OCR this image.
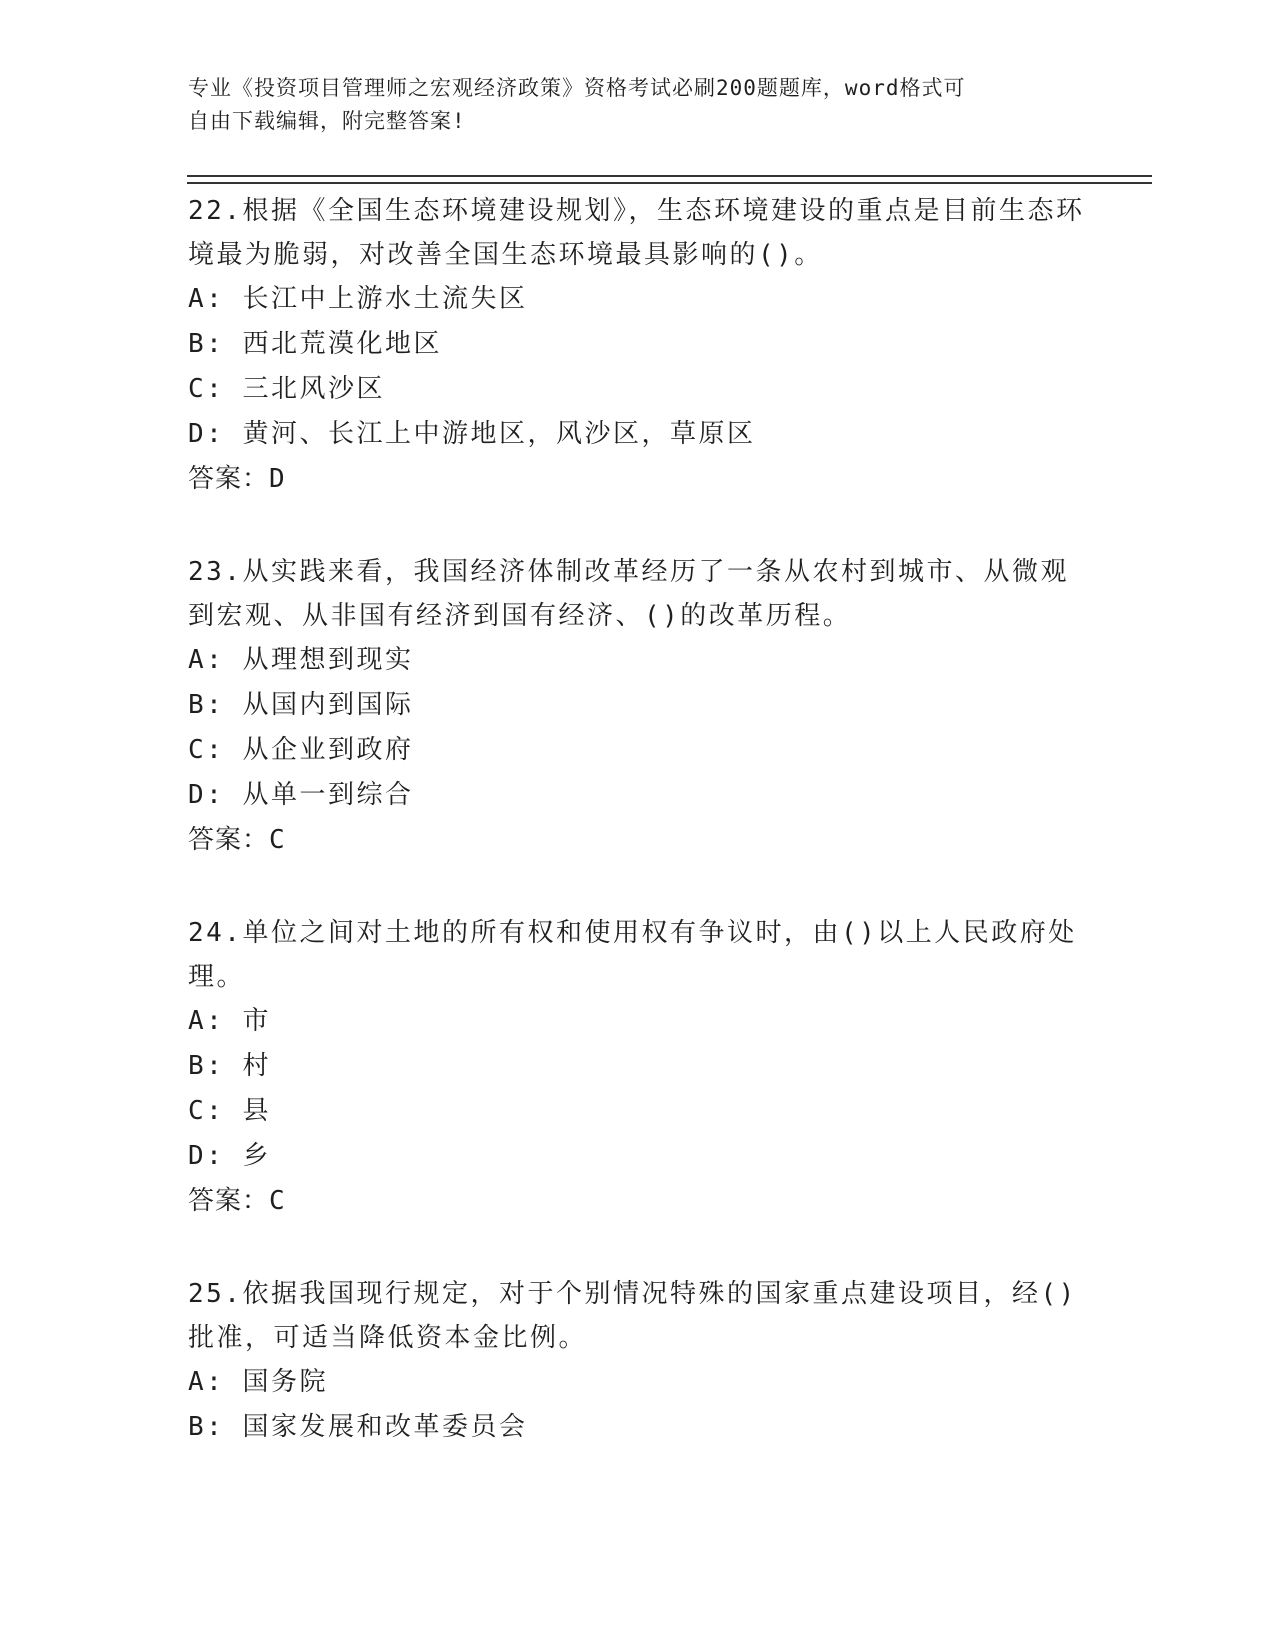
专业《投资项目管理师之宏观经济政策》资格考试必刷200题题库，word格式可
自由下载编辑，附完整答案!

22.根据《全国生态环境建设规划》，生态环境建设的重点是目前生态环境最为脆弱，对改善全国生态环境最具影响的()。

A: 长江中上游水土流失区

B: 西北荒漠化地区

C: 三北风沙区

D: 黄河、长江上中游地区，风沙区，草原区

答案：D

23.从实践来看，我国经济体制改革经历了一条从农村到城市、从微观到宏观、从非国有经济到国有经济、()的改革历程。

A: 从理想到现实

B: 从国内到国际

C: 从企业到政府

D: 从单一到综合

答案：C

24.单位之间对土地的所有权和使用权有争议时，由()以上人民政府处理。

A: 市

B: 村

C: 县

D: 乡

答案：C

25.依据我国现行规定，对于个别情况特殊的国家重点建设项目，经()批准，可适当降低资本金比例。

A: 国务院

B: 国家发展和改革委员会
